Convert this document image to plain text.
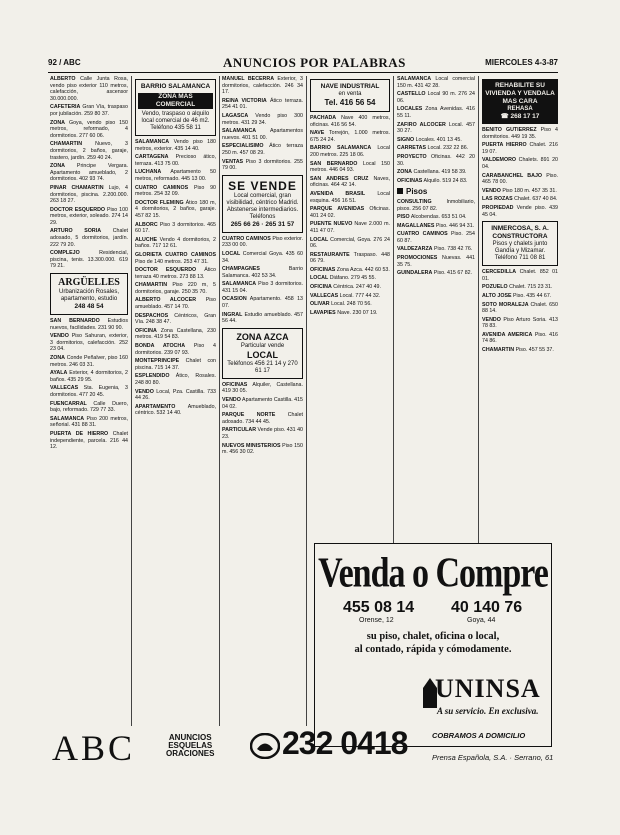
92 / ABC	ANUNCIOS POR PALABRAS	MIERCOLES 4-3-87
ALBERTO Calle Junta Rosa, vendo piso exterior 110 metros, calefacción, ascensor 30.000.000.
CAFETERIA Gran Vía, traspaso por jubilación. 259 80 37.
ZONA Goya, vendo piso 150 metros, reformado, 4 dormitorios. 277 60 06.
CHAMARTIN Nuevo, 3 dormitorios, 2 baños, garaje, trastero, jardín. 259 40 24.
ZONA Principe Vergara. Apartamento amueblado, 2 dormitorios. 402 93 74.
PINAR CHAMARTIN Lujo, 4 dormitorios, piscina. 2.200.000. 263 18 27.
DOCTOR ESQUERDO Piso 100 metros, exterior, soleado. 274 14 29.
ARTURO SORIA Chalet adosado, 5 dormitorios, jardín. 222 79 20.
COMPLEJO	Residencial, piscina, tenis. 13.300.000. 619 79 21.
ARGÜELLES
Urbanización Rosales, apartamento, estudio
248 48 54
SAN BERNARDO Estudios nuevos, facilidades. 231 90 90.
VENDO Piso Sahuran, exterior, 3 dormitorios, calefacción. 252 23 04.
ZONA Conde Peñalver, piso 160 metros. 246 03 31.
AYALA Exterior, 4 dormitorios, 2 baños. 435 29 95.
VALLECAS Sta. Eugenia, 3 dormitorios. 477 20 45.
FUENCARRAL Calle Duero, bajo, reformado. 729 77 33.
SALAMANCA Piso 200 metros, señorial. 431 88 31.
PUERTA DE HIERRO Chalet independiente, parcela. 216 44 12.
BARRIO SALAMANCA
ZONA MAS COMERCIAL
Vendo, traspaso o alquilo local comercial de 46 m2. Teléfono 435 58 11
SALAMANCA Vendo piso 180 metros, exterior. 435 14 40.
CARTAGENA Precioso ático, terraza. 413 75 00.
LUCHANA Apartamento 50 metros, reformado. 445 13 00.
CUATRO CAMINOS Piso 90 metros. 254 32 09.
DOCTOR FLEMING Ático 180 m, 4 dormitorios, 2 baños, garaje. 457 82 15.
ALBORC Piso 3 dormitorios. 465 60 17.
ALUCHE Vendo 4 dormitorios, 2 baños. 717 12 61.
GLORIETA CUATRO CAMINOS Piso de 140 metros. 253 47 31.
DOCTOR ESQUERDO Ático terraza 40 metros. 273 88 13.
CHAMARTIN Piso 220 m, 5 dormitorios, garaje. 250 35 70.
ALBERTO ALCOCER Piso amueblado. 457 14 70.
DESPACHOS Céntricos, Gran Vía. 248 38 47.
OFICINA Zona Castellana, 230 metros. 419 54 83.
BONDA ATOCHA Piso 4 dormitorios. 239 07 93.
MONTEPRINCIPE Chalet con piscina. 715 14 37.
ESPLENDIDO Ático, Rosales. 248 80 80.
VENDO Local, Pza. Castilla. 733 44 26.
APARTAMENTO Amueblado, céntrico. 532 14 40.
MANUEL BECERRA Exterior, 3 dormitorios, calefacción. 246 34 17.
REINA VICTORIA Ático terraza. 254 41 01.
LAGASCA Vendo piso 300 metros. 431 29 34.
SALAMANCA	Apartamentos nuevos. 401 51 00.
ESPECIALISIMO Ático terraza 250 m. 457 08 29.
VENTAS Piso 3 dormitorios. 255 79 00.
SE VENDE
Local comercial, gran visibilidad, céntrico Madrid. Abstenerse intermediarios. Teléfonos
265 66 26 · 265 31 57
CUATRO CAMINOS Piso exterior. 233 00 00.
LOCAL Comercial Goya. 435 60 34.
CHAMPAGNES	Barrio Salamanca. 402 53 34.
SALAMANCA Piso 3 dormitorios. 431 15 04.
OCASION Apartamento. 458 13 07.
INGRAL Estudio amueblado. 457 56 44.
ZONA AZCA
Particular vende
LOCAL
Teléfonos 456 21 14 y 270 61 17
OFICINAS Alquiler, Castellana. 419 30 05.
VENDO Apartamento Castilla. 415 04 02.
PARQUE NORTE Chalet adosado. 734 44 45.
PARTICULAR Vende piso. 431 40 23.
NUEVOS MINISTERIOS Piso 150 m. 456 30 02.
NAVE INDUSTRIAL
en venta
Tel. 416 56 54
PACHADA Nave 400 metros, oficinas. 416 56 54.
NAVE Torrejón, 1.000 metros. 675 24 24.
BARRIO SALAMANCA Local 200 metros. 225 18 06.
SAN BERNARDO Local 150 metros. 446 04 93.
SAN ANDRES CRUZ Naves, oficinas. 464 42 14.
AVENIDA BRASIL Local esquina. 456 16 51.
PARQUE AVENIDAS Oficinas. 401 24 02.
PUENTE NUEVO Nave 2.000 m. 411 47 07.
LOCAL Comercial, Goya. 276 24 06.
RESTAURANTE Traspaso. 448 06 79.
OFICINAS Zona Azca. 442 60 53.
LOCAL Diáfano. 279 45 55.
OFICINA Céntrica. 247 40 49.
VALLECAS Local. 777 44 32.
OLIVAR Local. 248 70 56.
LAVAPIES Nave. 230 07 19.
SALAMANCA Local comercial 150 m. 431 42 28.
CASTELLO Local 90 m. 276 24 06.
LOCALES Zona Avenidas. 416 55 11.
ZAFIRO ALCOCER Local. 457 30 27.
SIGNO Locales. 401 13 45.
CARRETAS Local. 232 22 86.
PROYECTO Oficinas. 442 20 30.
ZONA Castellana. 419 58 39.
OFICINAS Alquilo. 519 24 83.
Pisos
CONSULTING	Inmobiliario, pisos. 256 07 82.
PISO Alcobendas. 653 51 04.
MAGALLANES Piso. 446 94 31.
CUATRO CAMINOS Piso. 254 60 87.
VALDEZARZA Piso. 738 42 76.
PROMOCIONES Nuevas. 441 35 75.
GUINDALERA Piso. 415 67 82.
REHABILITE SU VIVIENDA Y VENDALA MAS CARA
REHASA
☎ 268 17 17
BENITO GUTIERREZ Piso 4 dormitorios. 449 19 35.
PUERTA HIERRO Chalet. 216 19 07.
VALDEMORO Chalets. 891 20 04.
CARABANCHEL BAJO Piso. 465 78 00.
VENDO Piso 180 m. 457 35 31.
LAS ROZAS Chalet. 637 40 84.
PROPIEDAD Vende piso. 439 45 04.
INMERCOSA, S. A.
CONSTRUCTORA
Pisos y chalets junto Gandía y Mizamar. Teléfono 711 08 81
CERCEDILLA Chalet. 852 01 01.
POZUELO Chalet. 715 23 31.
ALTO JOSE Piso. 435 44 67.
SOTO MORALEJA Chalet. 650 88 14.
VENDO Piso Arturo Soria. 413 78 83.
AVENIDA AMERICA Piso. 416 74 86.
CHAMARTIN Piso. 457 55 37.
Venda o Compre
455 08 14
Orense, 12
40 140 76
Goya, 44
su piso, chalet, oficina o local,
al contado, rápida y cómodamente.
UNINSA
A su servicio. En exclusiva.
ABC	ANUNCIOS
ESQUELAS
ORACIONES 232 0418	COBRAMOS A DOMICILIO
Prensa Española, S.A. · Serrano, 61
